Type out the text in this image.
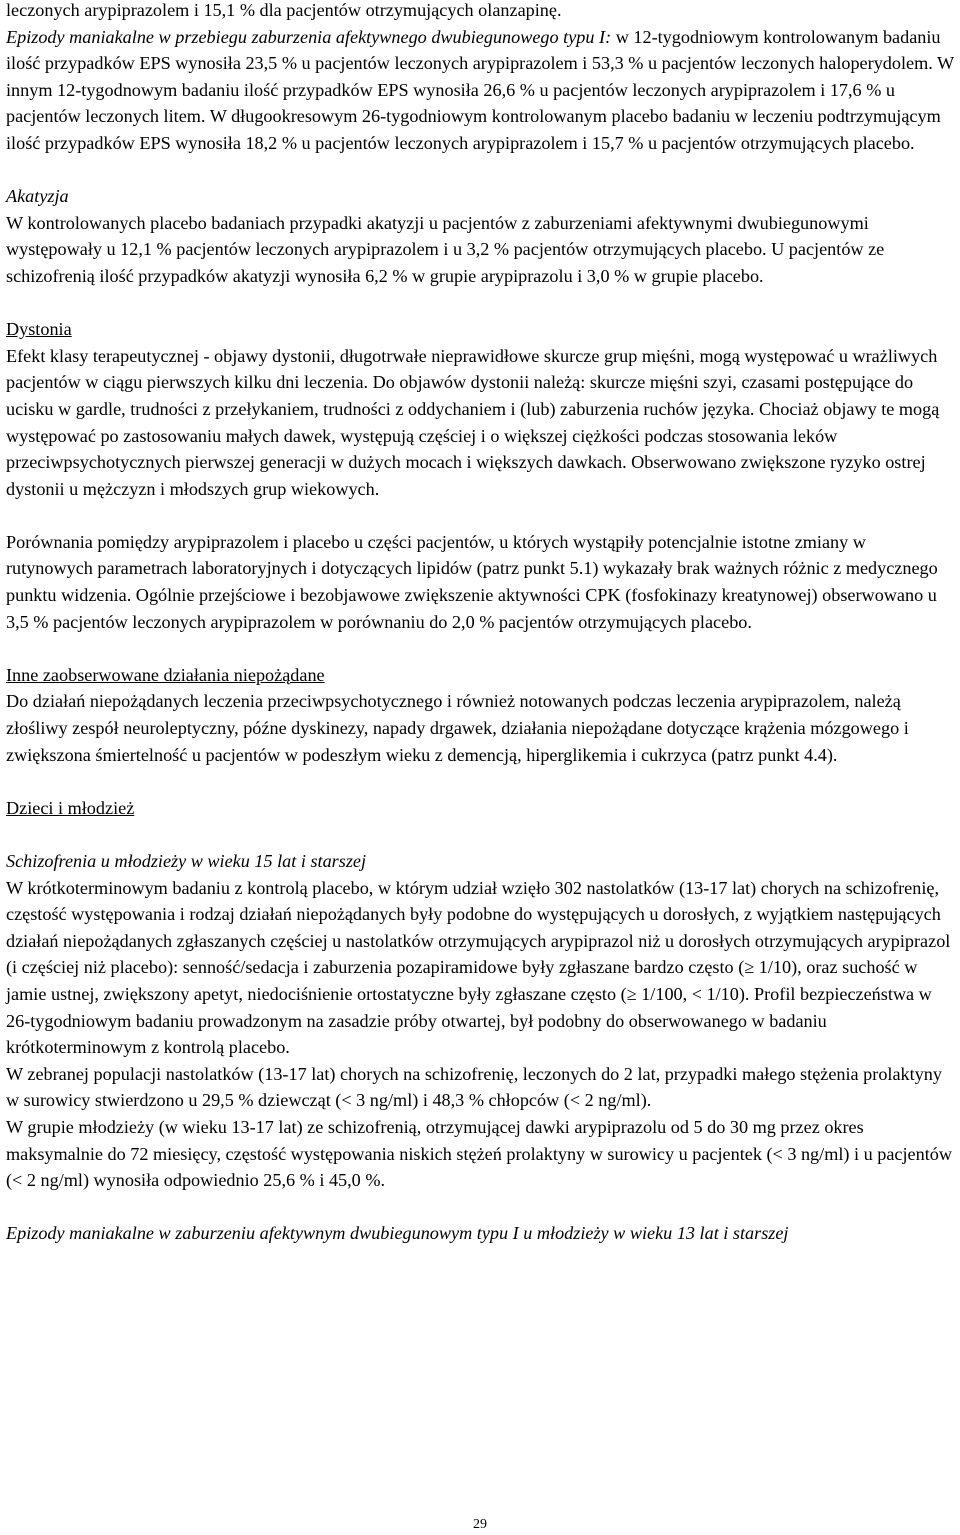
leczonych arypiprazolem i 15,1 % dla pacjentów otrzymujących olanzapinę.

Epizody maniakalne w przebiegu zaburzenia afektywnego dwubiegunowego typu I: w 12-tygodniowym kontrolowanym badaniu ilość przypadków EPS wynosiła 23,5 % u pacjentów leczonych arypiprazolem i 53,3 % u pacjentów leczonych haloperydolem. W innym 12-tygodnowym badaniu ilość przypadków EPS wynosiła 26,6 % u pacjentów leczonych arypiprazolem i 17,6 % u pacjentów leczonych litem. W długookresowym 26-tygodniowym kontrolowanym placebo badaniu w leczeniu podtrzymującym ilość przypadków EPS wynosiła 18,2 % u pacjentów leczonych arypiprazolem i 15,7 % u pacjentów otrzymujących placebo.

Akatyzja

W kontrolowanych placebo badaniach przypadki akatyzji u pacjentów z zaburzeniami afektywnymi dwubiegunowymi występowały u 12,1 % pacjentów leczonych arypiprazolem i u 3,2 % pacjentów otrzymujących placebo. U pacjentów ze schizofrenią ilość przypadków akatyzji wynosiła 6,2 % w grupie arypiprazolu i 3,0 % w grupie placebo.

Dystonia

Efekt klasy terapeutycznej - objawy dystonii, długotrwałe nieprawidłowe skurcze grup mięśni, mogą występować u wrażliwych pacjentów w ciągu pierwszych kilku dni leczenia. Do objawów dystonii należą: skurcze mięśni szyi, czasami postępujące do ucisku w gardle, trudności z przełykaniem, trudności z oddychaniem i (lub) zaburzenia ruchów języka. Chociaż objawy te mogą występować po zastosowaniu małych dawek, występują częściej i o większej ciężkości podczas stosowania leków przeciwpsychotycznych pierwszej generacji w dużych mocach i większych dawkach. Obserwowano zwiększone ryzyko ostrej dystonii u mężczyzn i młodszych grup wiekowych.

Porównania pomiędzy arypiprazolem i placebo u części pacjentów, u których wystąpiły potencjalnie istotne zmiany w rutynowych parametrach laboratoryjnych i dotyczących lipidów (patrz punkt 5.1) wykazały brak ważnych różnic z medycznego punktu widzenia. Ogólnie przejściowe i bezobjawowe zwiększenie aktywności CPK (fosfokinazy kreatynowej) obserwowano u 3,5 % pacjentów leczonych arypiprazolem w porównaniu do 2,0 % pacjentów otrzymujących placebo.

Inne zaobserwowane działania niepożądane

Do działań niepożądanych leczenia przeciwpsychotycznego i również notowanych podczas leczenia arypiprazolem, należą złośliwy zespół neuroleptyczny, późne dyskinezy, napady drgawek, działania niepożądane dotyczące krążenia mózgowego i zwiększona śmiertelność u pacjentów w podeszłym wieku z demencją, hiperglikemia i cukrzyca (patrz punkt 4.4).

Dzieci i młodzież

Schizofrenia u młodzieży w wieku 15 lat i starszej

W krótkoterminowym badaniu z kontrolą placebo, w którym udział wzięło 302 nastolatków (13-17 lat) chorych na schizofrenię, częstość występowania i rodzaj działań niepożądanych były podobne do występujących u dorosłych, z wyjątkiem następujących działań niepożądanych zgłaszanych częściej u nastolatków otrzymujących arypiprazol niż u dorosłych otrzymujących arypiprazol (i częściej niż placebo): senność/sedacja i zaburzenia pozapiramidowe były zgłaszane bardzo często (≥ 1/10), oraz suchość w jamie ustnej, zwiększony apetyt, niedociśnienie ortostatyczne były zgłaszane często (≥ 1/100, < 1/10). Profil bezpieczeństwa w 26-tygodniowym badaniu prowadzonym na zasadzie próby otwartej, był podobny do obserwowanego w badaniu krótkoterminowym z kontrolą placebo.

W zebranej populacji nastolatków (13-17 lat) chorych na schizofrenię, leczonych do 2 lat, przypadki małego stężenia prolaktyny w surowicy stwierdzono u 29,5 % dziewcząt (< 3 ng/ml) i 48,3 % chłopców (< 2 ng/ml).

W grupie młodzieży (w wieku 13-17 lat) ze schizofrenią, otrzymującej dawki arypiprazolu od 5 do 30 mg przez okres maksymalnie do 72 miesięcy, częstość występowania niskich stężeń prolaktyny w surowicy u pacjentek (< 3 ng/ml) i u pacjentów (< 2 ng/ml) wynosiła odpowiednio 25,6 % i 45,0 %.

Epizody maniakalne w zaburzeniu afektywnym dwubiegunowym typu I u młodzieży w wieku 13 lat i starszej

29
